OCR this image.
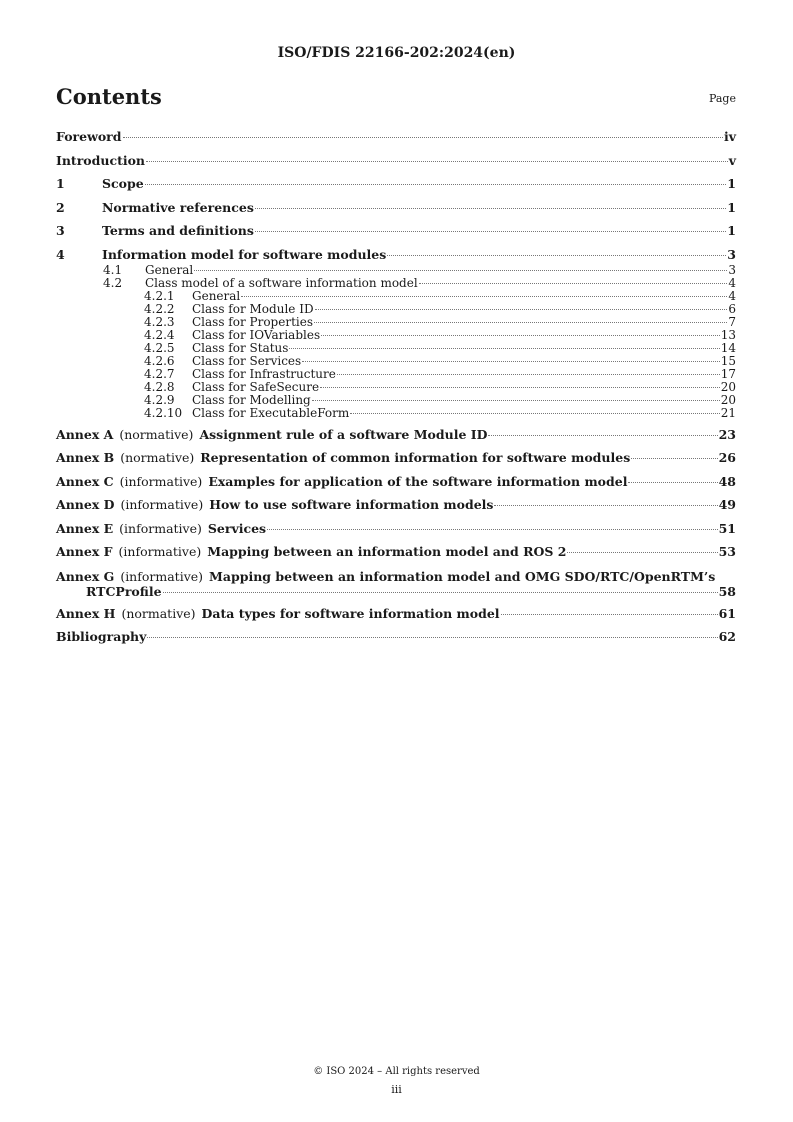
ISO/FDIS 22166-202:2024(en)
Contents	Page
Foreword	iv
Introduction	v
1	Scope	1
2	Normative references	1
3	Terms and definitions	1
4	Information model for software modules	3
4.1	General	3
4.2	Class model of a software information model	4
4.2.1	General	4
4.2.2	Class for Module ID	6
4.2.3	Class for Properties	7
4.2.4	Class for IOVariables	13
4.2.5	Class for Status	14
4.2.6	Class for Services	15
4.2.7	Class for Infrastructure	17
4.2.8	Class for SafeSecure	20
4.2.9	Class for Modelling	20
4.2.10 Class for ExecutableForm	21
Annex A (normative) Assignment rule of a software Module ID	23
Annex B (normative) Representation of common information for software modules	26
Annex C (informative) Examples for application of the software information model	48
Annex D (informative) How to use software information models	49
Annex E (informative) Services	51
Annex F (informative) Mapping between an information model and ROS 2	53
Annex G (informative) Mapping between an information model and OMG SDO/RTC/OpenRTM’s
RTCProfile	58
Annex H (normative) Data types for software information model	61
Bibliography	62
© ISO 2024 – All rights reserved
iii
